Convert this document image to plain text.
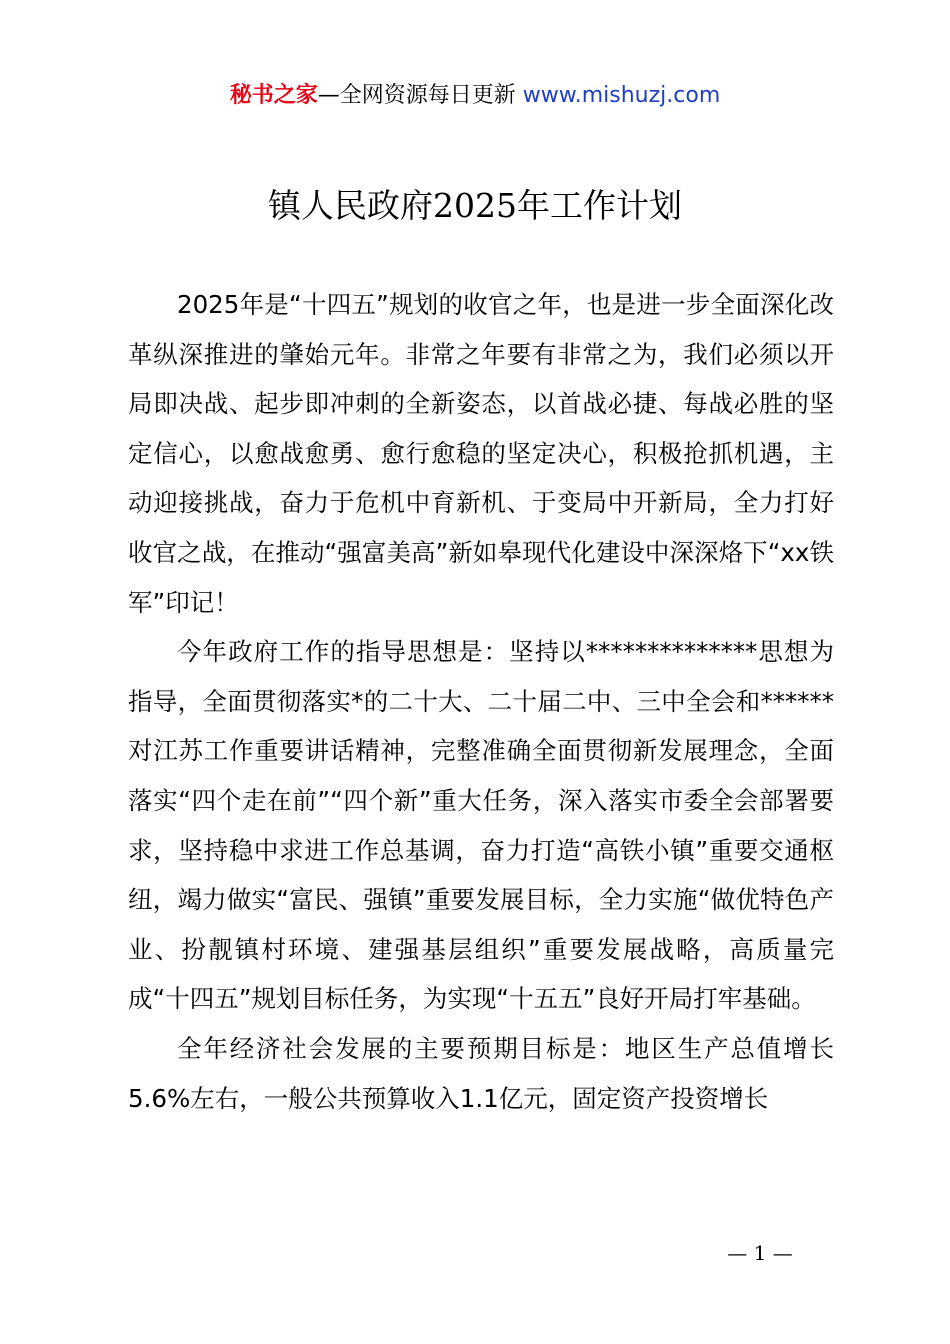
秘书之家—全网资源每日更新 www.mishuzj.com
镇人民政府2025年工作计划

2025年是“十四五”规划的收官之年，也是进一步全面深化改革纵深推进的肇始元年。非常之年要有非常之为，我们必须以开局即决战、起步即冲刺的全新姿态，以首战必捷、每战必胜的坚定信心，以愈战愈勇、愈行愈稳的坚定决心，积极抢抓机遇，主动迎接挑战，奋力于危机中育新机、于变局中开新局，全力打好收官之战，在推动“强富美高”新如皋现代化建设中深深烙下“xx铁军”印记！

今年政府工作的指导思想是：坚持以**************思想为指导，全面贯彻落实*的二十大、二十届二中、三中全会和******对江苏工作重要讲话精神，完整准确全面贯彻新发展理念，全面落实“四个走在前”“四个新”重大任务，深入落实市委全会部署要求，坚持稳中求进工作总基调，奋力打造“高铁小镇”重要交通枢纽，竭力做实“富民、强镇”重要发展目标，全力实施“做优特色产业、扮靓镇村环境、建强基层组织”重要发展战略，高质量完成“十四五”规划目标任务，为实现“十五五”良好开局打牢基础。

全年经济社会发展的主要预期目标是：地区生产总值增长5.6%左右，一般公共预算收入1.1亿元，固定资产投资增长

— 1 —
